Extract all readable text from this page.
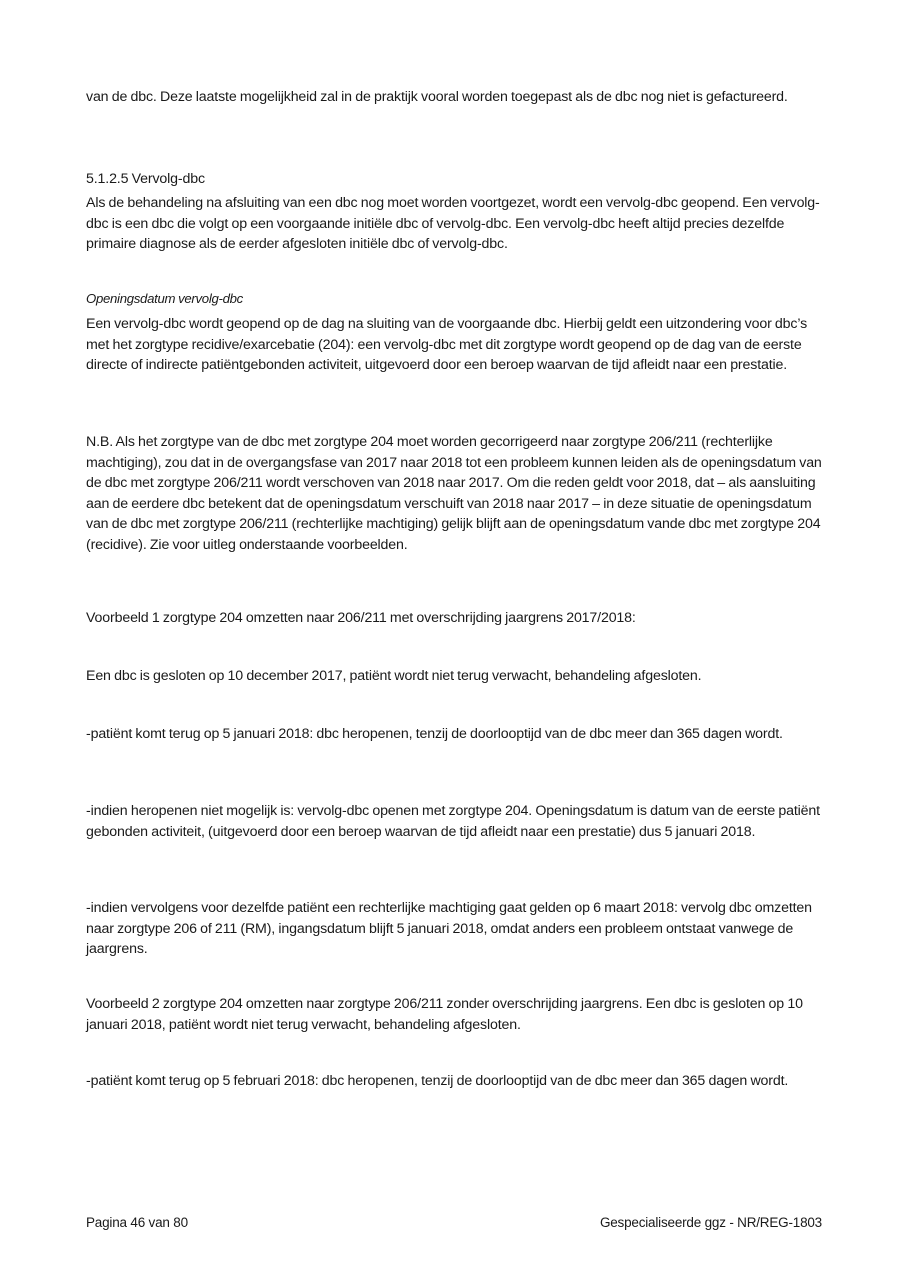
van de dbc. Deze laatste mogelijkheid zal in de praktijk vooral worden toegepast als de dbc nog niet is gefactureerd.

5.1.2.5 Vervolg-dbc

Als de behandeling na afsluiting van een dbc nog moet worden voortgezet, wordt een vervolg-dbc geopend. Een vervolg-dbc is een dbc die volgt op een voorgaande initiële dbc of vervolg-dbc. Een vervolg-dbc heeft altijd precies dezelfde primaire diagnose als de eerder afgesloten initiële dbc of vervolg-dbc.

Openingsdatum vervolg-dbc

Een vervolg-dbc wordt geopend op de dag na sluiting van de voorgaande dbc. Hierbij geldt een uitzondering voor dbc’s met het zorgtype recidive/exarcebatie (204): een vervolg-dbc met dit zorgtype wordt geopend op de dag van de eerste directe of indirecte patiëntgebonden activiteit, uitgevoerd door een beroep waarvan de tijd afleidt naar een prestatie.

N.B. Als het zorgtype van de dbc met zorgtype 204 moet worden gecorrigeerd naar zorgtype 206/211 (rechterlijke machtiging), zou dat in de overgangsfase van 2017 naar 2018 tot een probleem kunnen leiden als de openingsdatum van de dbc met zorgtype 206/211 wordt verschoven van 2018 naar 2017. Om die reden geldt voor 2018, dat – als aansluiting aan de eerdere dbc betekent dat de openingsdatum verschuift van 2018 naar 2017 – in deze situatie de openingsdatum van de dbc met zorgtype 206/211 (rechterlijke machtiging) gelijk blijft aan de openingsdatum vande dbc met zorgtype 204 (recidive). Zie voor uitleg onderstaande voorbeelden.

Voorbeeld 1 zorgtype 204 omzetten naar 206/211 met overschrijding jaargrens 2017/2018:

Een dbc is gesloten op 10 december 2017, patiënt wordt niet terug verwacht, behandeling afgesloten.

-patiënt komt terug op 5 januari 2018: dbc heropenen, tenzij de doorlooptijd van de dbc meer dan 365 dagen wordt.

-indien heropenen niet mogelijk is: vervolg-dbc openen met zorgtype 204. Openingsdatum is datum van de eerste patiënt gebonden activiteit, (uitgevoerd door een beroep waarvan de tijd afleidt naar een prestatie) dus 5 januari 2018.

-indien vervolgens voor dezelfde patiënt een rechterlijke machtiging gaat gelden op 6 maart 2018: vervolg dbc omzetten naar zorgtype 206 of 211 (RM), ingangsdatum blijft 5 januari 2018, omdat anders een probleem ontstaat vanwege de jaargrens.

Voorbeeld 2 zorgtype 204 omzetten naar zorgtype 206/211 zonder overschrijding jaargrens. Een dbc is gesloten op 10 januari 2018, patiënt wordt niet terug verwacht, behandeling afgesloten.

-patiënt komt terug op 5 februari 2018: dbc heropenen, tenzij de doorlooptijd van de dbc meer dan 365 dagen wordt.

Pagina 46 van 80	Gespecialiseerde ggz - NR/REG-1803
